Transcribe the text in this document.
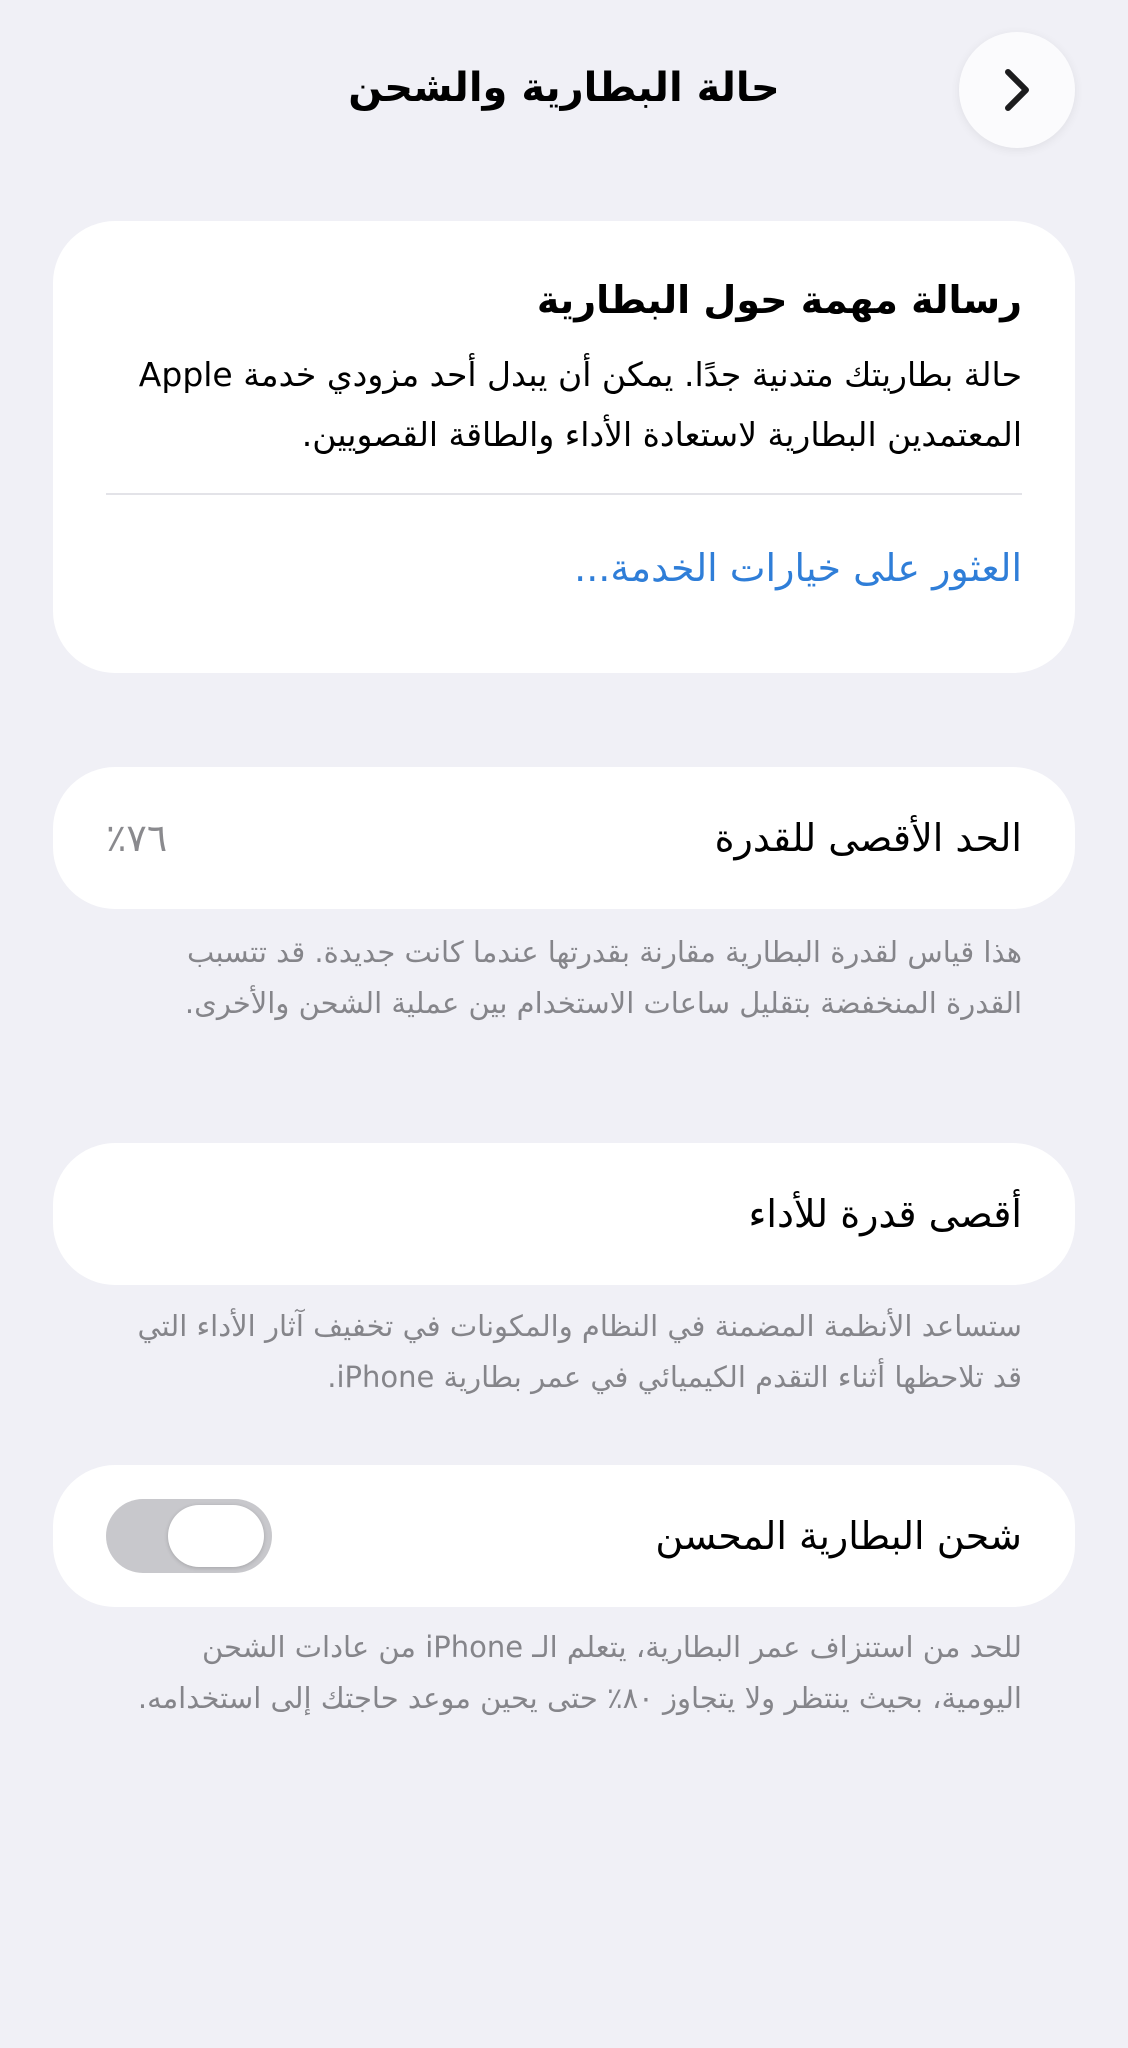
حالة البطارية والشحن
رسالة مهمة حول البطارية

حالة بطاريتك متدنية جدًا. يمكن أن يبدل أحد مزودي خدمة Apple المعتمدين البطارية لاستعادة الأداء والطاقة القصويين.

العثور على خيارات الخدمة...
الحد الأقصى للقدرة
٧٦٪

هذا قياس لقدرة البطارية مقارنة بقدرتها عندما كانت جديدة. قد تتسبب القدرة المنخفضة بتقليل ساعات الاستخدام بين عملية الشحن والأخرى.

أقصى قدرة للأداء

ستساعد الأنظمة المضمنة في النظام والمكونات في تخفيف آثار الأداء التي قد تلاحظها أثناء التقدم الكيميائي في عمر بطارية iPhone.

شحن البطارية المحسن

للحد من استنزاف عمر البطارية، يتعلم الـ iPhone من عادات الشحن اليومية، بحيث ينتظر ولا يتجاوز ٨٠٪ حتى يحين موعد حاجتك إلى استخدامه.
